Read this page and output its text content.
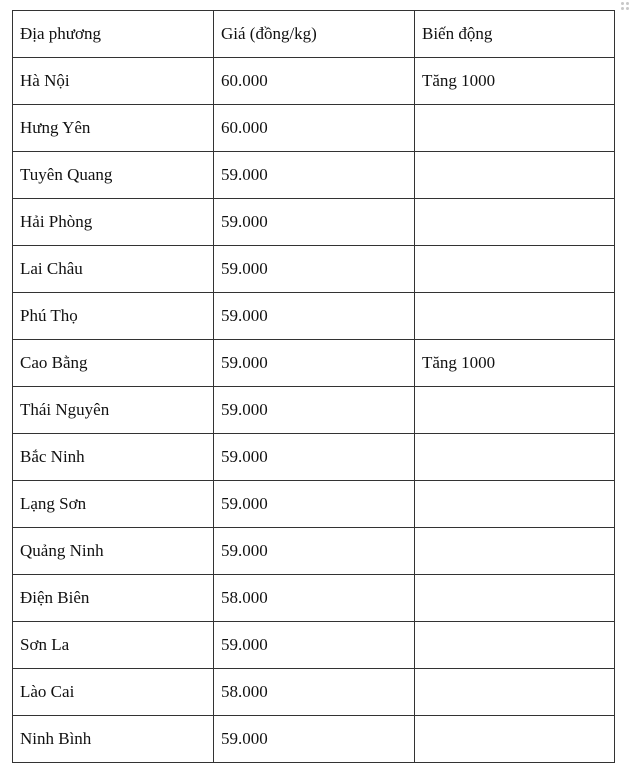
Địa phương	Giá (đồng/kg)	Biến động
Hà Nội	60.000	Tăng 1000
Hưng Yên	60.000	
Tuyên Quang	59.000	
Hải Phòng	59.000	
Lai Châu	59.000	
Phú Thọ	59.000	
Cao Bằng	59.000	Tăng 1000
Thái Nguyên	59.000	
Bắc Ninh	59.000	
Lạng Sơn	59.000	
Quảng Ninh	59.000	
Điện Biên	58.000	
Sơn La	59.000	
Lào Cai	58.000	
Ninh Bình	59.000	
